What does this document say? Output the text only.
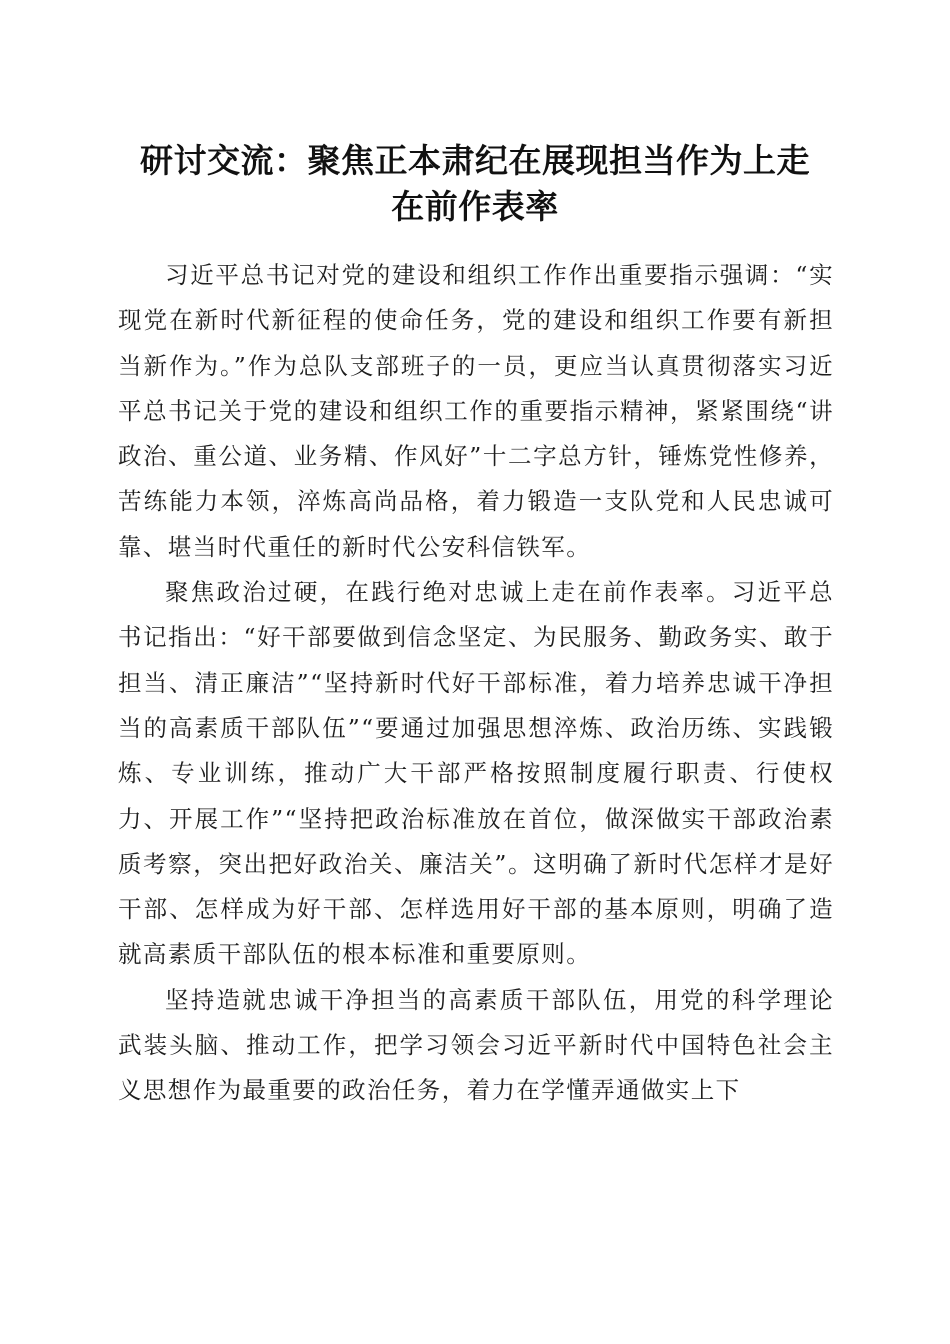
研讨交流：聚焦正本肃纪在展现担当作为上走
在前作表率

习近平总书记对党的建设和组织工作作出重要指示强调：“实现党在新时代新征程的使命任务，党的建设和组织工作要有新担当新作为。”作为总队支部班子的一员，更应当认真贯彻落实习近平总书记关于党的建设和组织工作的重要指示精神，紧紧围绕“讲政治、重公道、业务精、作风好”十二字总方针，锤炼党性修养，苦练能力本领，淬炼高尚品格，着力锻造一支队党和人民忠诚可靠、堪当时代重任的新时代公安科信铁军。

聚焦政治过硬，在践行绝对忠诚上走在前作表率。习近平总书记指出：“好干部要做到信念坚定、为民服务、勤政务实、敢于担当、清正廉洁”“坚持新时代好干部标准，着力培养忠诚干净担当的高素质干部队伍”“要通过加强思想淬炼、政治历练、实践锻炼、专业训练，推动广大干部严格按照制度履行职责、行使权力、开展工作”“坚持把政治标准放在首位，做深做实干部政治素质考察，突出把好政治关、廉洁关”。这明确了新时代怎样才是好干部、怎样成为好干部、怎样选用好干部的基本原则，明确了造就高素质干部队伍的根本标准和重要原则。

坚持造就忠诚干净担当的高素质干部队伍，用党的科学理论武装头脑、推动工作，把学习领会习近平新时代中国特色社会主义思想作为最重要的政治任务，着力在学懂弄通做实上下
